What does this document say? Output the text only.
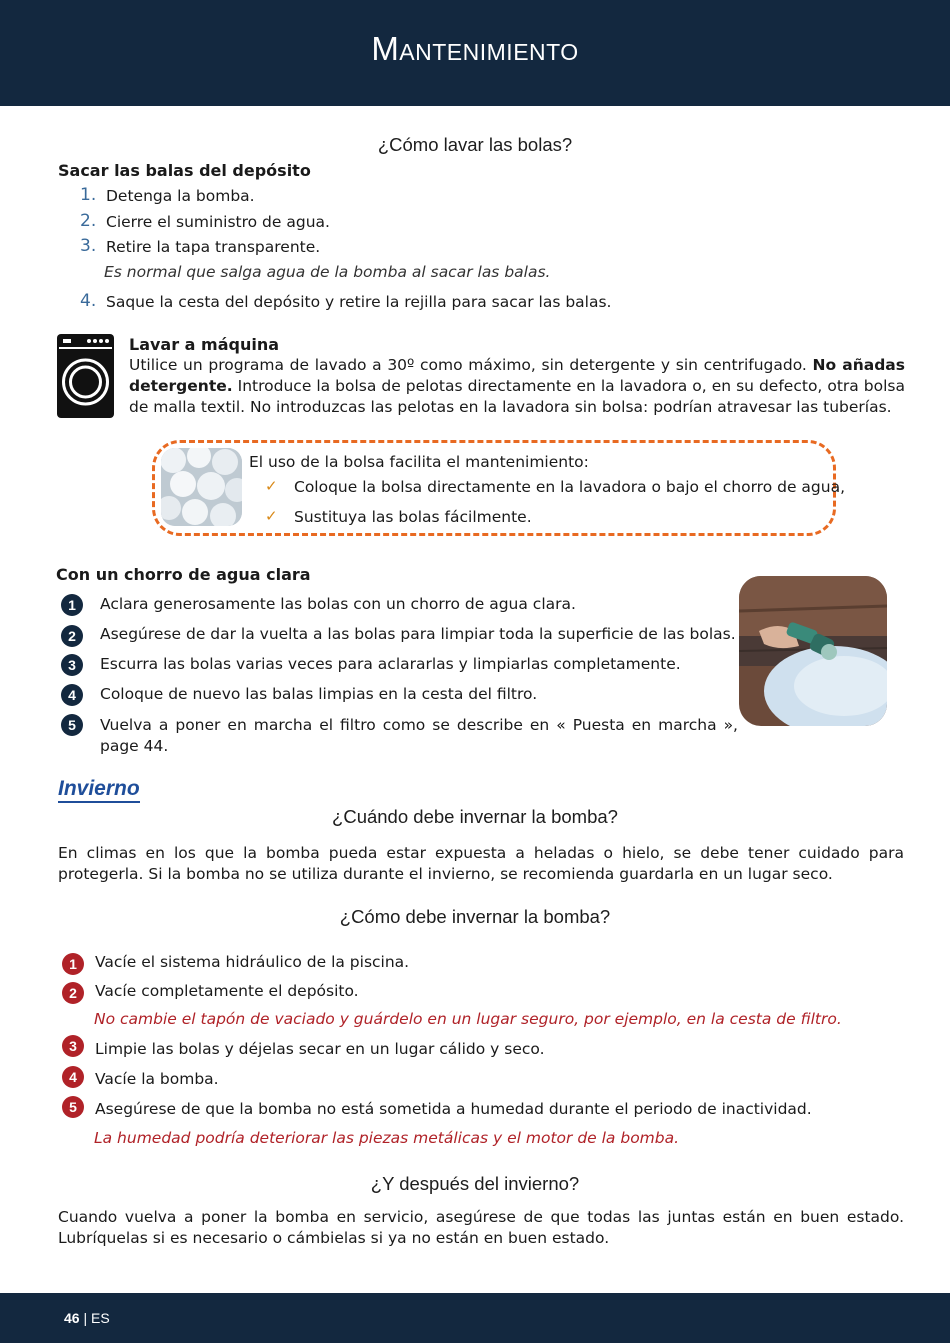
Mantenimiento
¿Cómo lavar las bolas?
Sacar las balas del depósito
1. Detenga la bomba.
2. Cierre el suministro de agua.
3. Retire la tapa transparente.
Es normal que salga agua de la bomba al sacar las balas.
4. Saque la cesta del depósito y retire la rejilla para sacar las balas.
Lavar a máquina
Utilice un programa de lavado a 30º como máximo, sin detergente y sin centrifugado. No añadas detergente. Introduce la bolsa de pelotas directamente en la lavadora o, en su defecto, otra bolsa de malla textil. No introduzcas las pelotas en la lavadora sin bolsa: podrían atravesar las tuberías.
El uso de la bolsa facilita el mantenimiento:
✓ Coloque la bolsa directamente en la lavadora o bajo el chorro de agua,
✓ Sustituya las bolas fácilmente.
Con un chorro de agua clara
1	Aclara generosamente las bolas con un chorro de agua clara.
2	Asegúrese de dar la vuelta a las bolas para limpiar toda la superficie de las bolas.
3	Escurra las bolas varias veces para aclararlas y limpiarlas completamente.
4	Coloque de nuevo las balas limpias en la cesta del filtro.
5	Vuelva a poner en marcha el filtro como se describe en « Puesta en marcha », page 44.
Invierno
¿Cuándo debe invernar la bomba?
En climas en los que la bomba pueda estar expuesta a heladas o hielo, se debe tener cuidado para protegerla. Si la bomba no se utiliza durante el invierno, se recomienda guardarla en un lugar seco.
¿Cómo debe invernar la bomba?
1	Vacíe el sistema hidráulico de la piscina.
2	Vacíe completamente el depósito.
No cambie el tapón de vaciado y guárdelo en un lugar seguro, por ejemplo, en la cesta de filtro.
3	Limpie las bolas y déjelas secar en un lugar cálido y seco.
4	Vacíe la bomba.
5	Asegúrese de que la bomba no está sometida a humedad durante el periodo de inactividad.
La humedad podría deteriorar las piezas metálicas y el motor de la bomba.
¿Y después del invierno?
Cuando vuelva a poner la bomba en servicio, asegúrese de que todas las juntas están en buen estado. Lubríquelas si es necesario o cámbielas si ya no están en buen estado.
46 | ES
